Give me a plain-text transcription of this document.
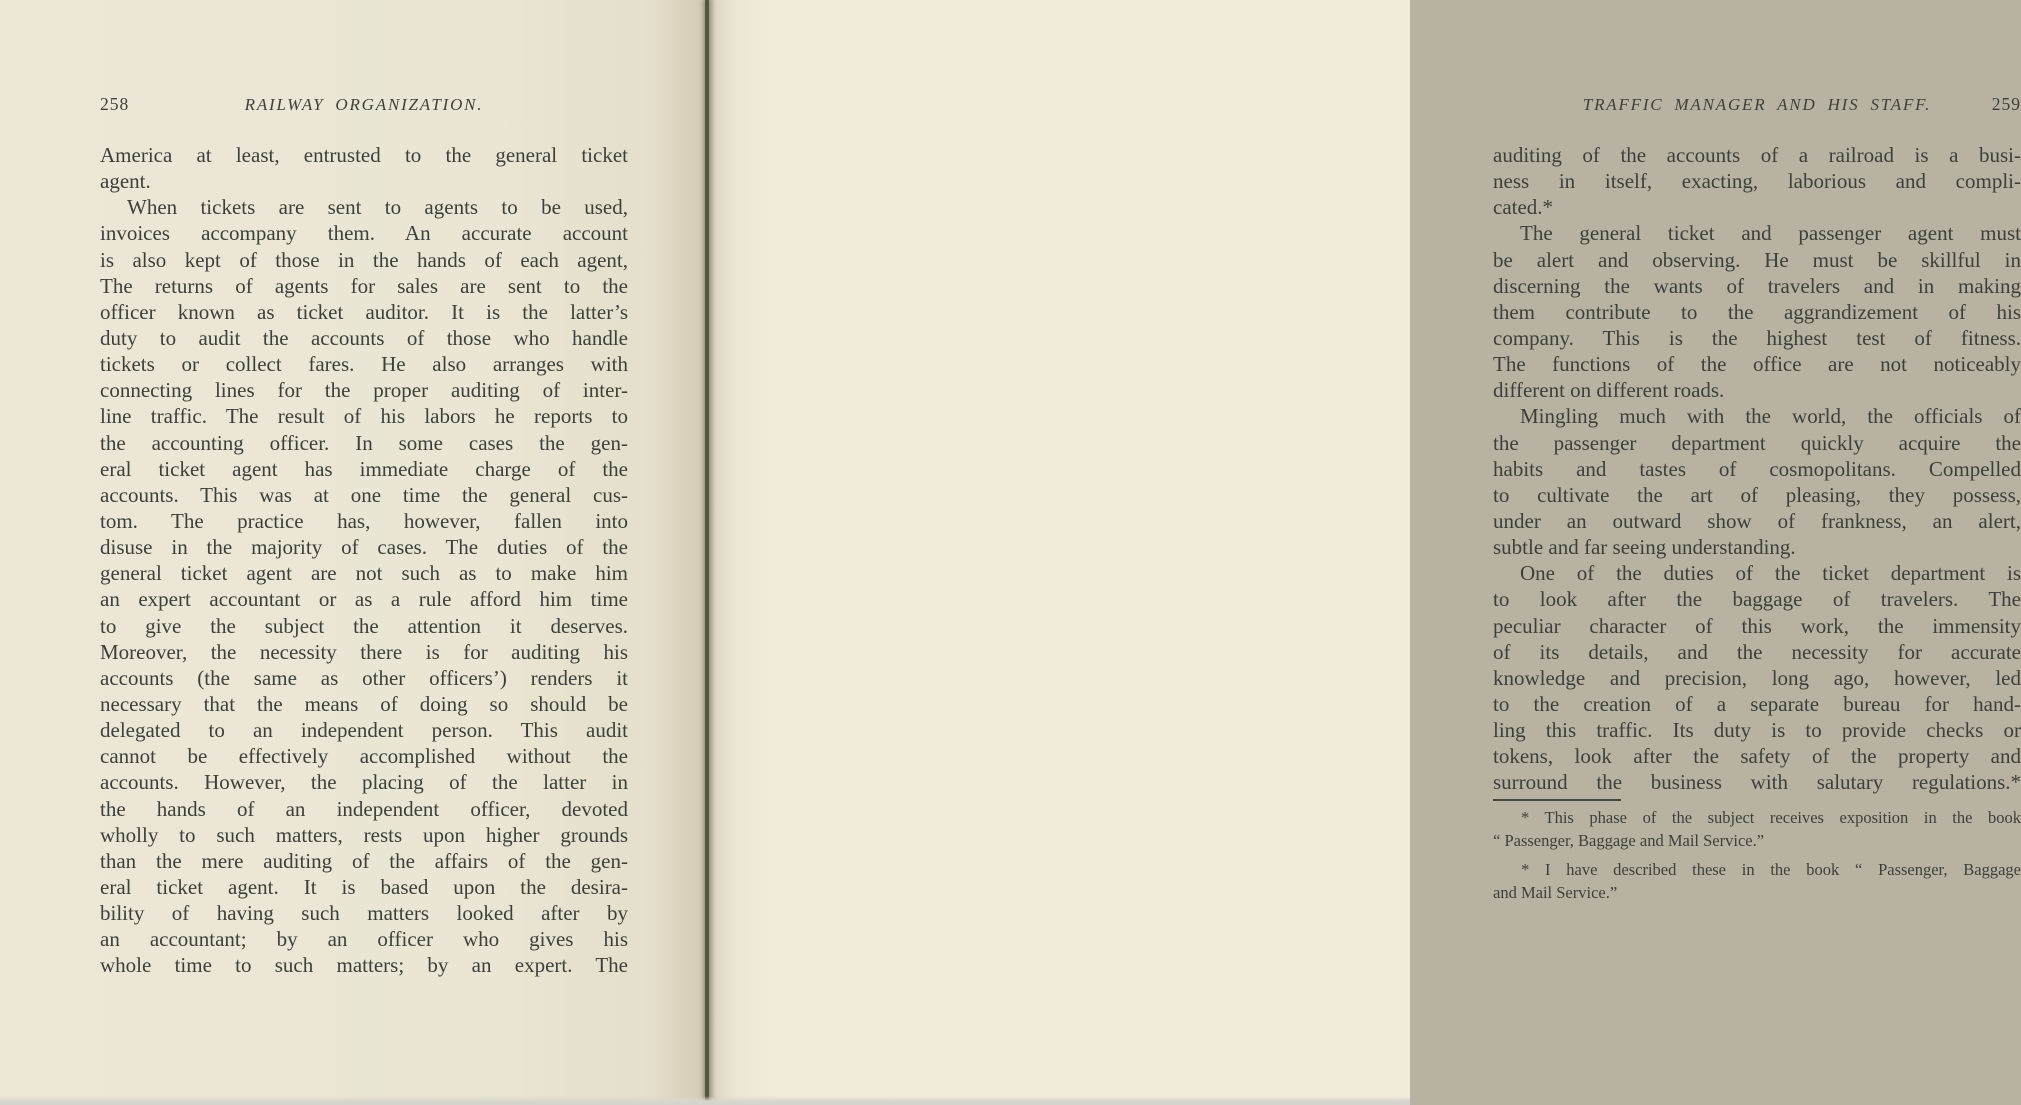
258	RAILWAY ORGANIZATION.
America at least, entrusted to the general ticket
agent.
When tickets are sent to agents to be used,
invoices accompany them. An accurate account
is also kept of those in the hands of each agent,
The returns of agents for sales are sent to the
officer known as ticket auditor. It is the latter’s
duty to audit the accounts of those who handle
tickets or collect fares. He also arranges with
connecting lines for the proper auditing of inter-
line traffic. The result of his labors he reports to
the accounting officer. In some cases the gen-
eral ticket agent has immediate charge of the
accounts. This was at one time the general cus-
tom. The practice has, however, fallen into
disuse in the majority of cases. The duties of the
general ticket agent are not such as to make him
an expert accountant or as a rule afford him time
to give the subject the attention it deserves.
Moreover, the necessity there is for auditing his
accounts (the same as other officers’) renders it
necessary that the means of doing so should be
delegated to an independent person. This audit
cannot be effectively accomplished without the
accounts. However, the placing of the latter in
the hands of an independent officer, devoted
wholly to such matters, rests upon higher grounds
than the mere auditing of the affairs of the gen-
eral ticket agent. It is based upon the desira-
bility of having such matters looked after by
an accountant; by an officer who gives his
whole time to such matters; by an expert. The
TRAFFIC MANAGER AND HIS STAFF.	259
auditing of the accounts of a railroad is a busi-
ness in itself, exacting, laborious and compli-
cated.*
The general ticket and passenger agent must
be alert and observing. He must be skillful in
discerning the wants of travelers and in making
them contribute to the aggrandizement of his
company. This is the highest test of fitness.
The functions of the office are not noticeably
different on different roads.
Mingling much with the world, the officials of
the passenger department quickly acquire the
habits and tastes of cosmopolitans. Compelled
to cultivate the art of pleasing, they possess,
under an outward show of frankness, an alert,
subtle and far seeing understanding.
One of the duties of the ticket department is
to look after the baggage of travelers. The
peculiar character of this work, the immensity
of its details, and the necessity for accurate
knowledge and precision, long ago, however, led
to the creation of a separate bureau for hand-
ling this traffic. Its duty is to provide checks or
tokens, look after the safety of the property and
surround the business with salutary regulations.*
* This phase of the subject receives exposition in the book
“ Passenger, Baggage and Mail Service.”
* I have described these in the book “ Passenger, Baggage
and Mail Service.”
